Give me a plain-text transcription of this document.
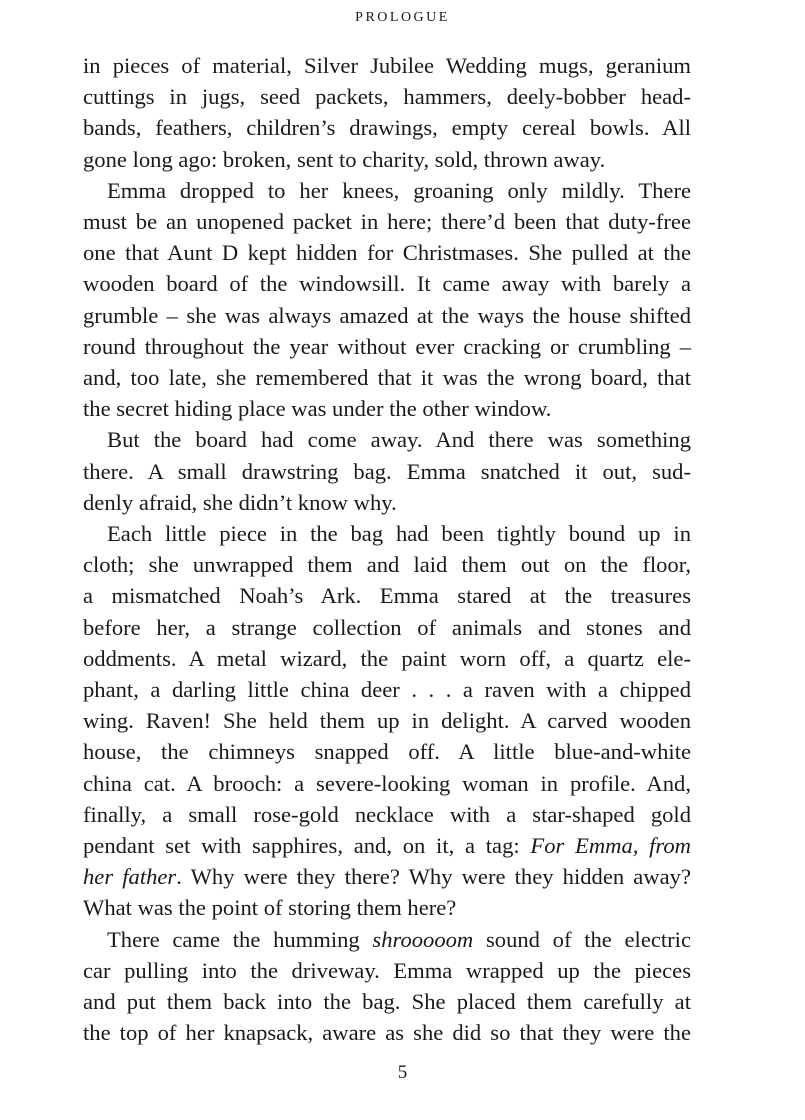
PROLOGUE

in pieces of material, Silver Jubilee Wedding mugs, geranium
cuttings in jugs, seed packets, hammers, deely-bobber head-
bands, feathers, children’s drawings, empty cereal bowls. All
gone long ago: broken, sent to charity, sold, thrown away.

Emma dropped to her knees, groaning only mildly. There
must be an unopened packet in here; there’d been that duty-free
one that Aunt D kept hidden for Christmases. She pulled at the
wooden board of the windowsill. It came away with barely a
grumble – she was always amazed at the ways the house shifted
round throughout the year without ever cracking or crumbling –
and, too late, she remembered that it was the wrong board, that
the secret hiding place was under the other window.

But the board had come away. And there was something
there. A small drawstring bag. Emma snatched it out, sud-
denly afraid, she didn’t know why.

Each little piece in the bag had been tightly bound up in
cloth; she unwrapped them and laid them out on the floor,
a mismatched Noah’s Ark. Emma stared at the treasures
before her, a strange collection of animals and stones and
oddments. A metal wizard, the paint worn off, a quartz ele-
phant, a darling little china deer . . . a raven with a chipped
wing. Raven! She held them up in delight. A carved wooden
house, the chimneys snapped off. A little blue-and-white
china cat. A brooch: a severe-looking woman in profile. And,
finally, a small rose-gold necklace with a star-shaped gold
pendant set with sapphires, and, on it, a tag: For Emma, from
her father. Why were they there? Why were they hidden away?
What was the point of storing them here?

There came the humming shrooooom sound of the electric
car pulling into the driveway. Emma wrapped up the pieces
and put them back into the bag. She placed them carefully at
the top of her knapsack, aware as she did so that they were the

5
